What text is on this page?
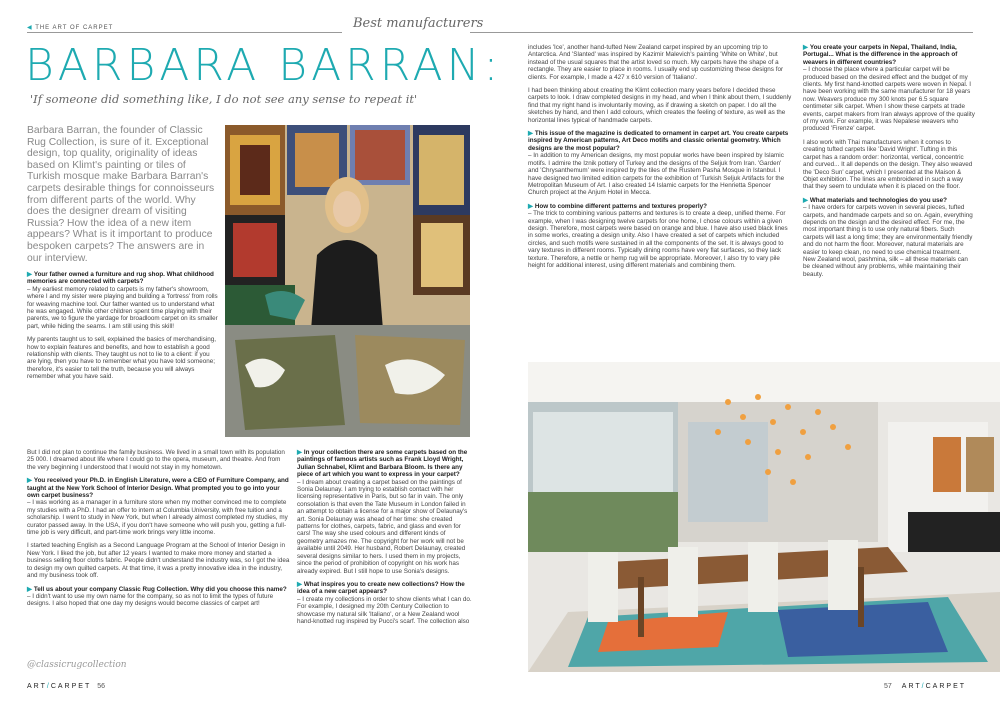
◀ THE ART OF CARPET	Best manufacturers
BARBARA BARRAN:
'If someone did something like, I do not see any sense to repeat it'

Barbara Barran, the founder of Classic Rug Collection, is sure of it. Exceptional design, top quality, originality of ideas based on Klimt's painting or tiles of Turkish mosque make Barbara Barran's carpets desirable things for connoisseurs from different parts of the world. Why does the designer dream of visiting Russia? How the idea of a new item appears? What is it important to produce bespoken carpets? The answers are in our interview.

▶ Your father owned a furniture and rug shop. What childhood memories are connected with carpets?

– My earliest memory related to carpets is my father's showroom, where I and my sister were playing and building a 'fortress' from rolls for weaving machine tool. Our father wanted us to understand what he was engaged. While other children spent time playing with their parents, we to figure the yardage for broadloom carpet on its smaller part, while hiding the seams. I am still using this skill!

My parents taught us to sell, explained the basics of merchandising, how to explain features and benefits, and how to establish a good relationship with clients. They taught us not to lie to a client: if you are lying, then you have to remember what you have told someone; therefore, it's easier to tell the truth, because you will always remember what you have said.

But I did not plan to continue the family business. We lived in a small town with its population 25 000. I dreamed about life where I could go to the opera, museum, and theatre. And from the very beginning I understood that I would not stay in my hometown.

▶ You received your Ph.D. in English Literature, were a CEO of Furniture Company, and taught at the New York School of Interior Design. What prompted you to go into your own carpet business?

– I was working as a manager in a furniture store when my mother convinced me to complete my studies with a PhD. I had an offer to intern at Columbia University, with free tuition and a scholarship. I went to study in New York, but when I already almost completed my studies, my curator passed away. In the USA, if you don't have someone who will push you, getting a full-time job is very difficult, and part-time work brings very little income.

I started teaching English as a Second Language Program at the School of Interior Design in New York. I liked the job, but after 12 years I wanted to make more money and started a business selling floor cloths fabric. People didn't understand the industry was, so I got the idea to design my own quilted carpets. At that time, it was a pretty innovative idea in the industry, and my business took off.

▶ Tell us about your company Classic Rug Collection. Why did you choose this name?

– I didn't want to use my own name for the company, so as not to limit the types of future designs. I also hoped that one day my designs would become classics of carpet art!

@classicrugcollection

▶ In your collection there are some carpets based on the paintings of famous artists such as Frank Lloyd Wright, Julian Schnabel, Klimt and Barbara Bloom. Is there any piece of art which you want to express in your carpet?

– I dream about creating a carpet based on the paintings of Sonia Delaunay. I am trying to establish contact with her licensing representative in Paris, but so far in vain. The only consolation is that even the Tate Museum in London failed in an attempt to obtain a license for a major show of Delaunay's art. Sonia Delaunay was ahead of her time: she created patterns for clothes, carpets, fabric, and glass and even for cars! The way she used colours and different kinds of geometry amazes me. The copyright for her work will not be available until 2049. Her husband, Robert Delaunay, created several designs similar to hers. I used them in my projects, since the period of prohibition of copyright on his work has already expired. But I still hope to use Sonia's designs.

▶ What inspires you to create new collections? How the idea of a new carpet appears?

– I create my collections in order to show clients what I can do. For example, I designed my 20th Century Collection to showcase my natural silk 'Italiano', or a New Zealand wool hand-knotted rug inspired by Pucci's scarf. The collection also

ART/CARPET 56

includes 'Ice', another hand-tufted New Zealand carpet inspired by an upcoming trip to Antarctica. And 'Slanted' was inspired by Kazimir Malevich's painting 'White on White', but instead of the usual squares that the artist loved so much. My carpets have the shape of a rectangle. They are easier to place in rooms. I usually end up customizing these designs for clients. For example, I made a 427 x 610 version of 'Italiano'.

I had been thinking about creating the Klimt collection many years before I decided these carpets to look. I draw completed designs in my head, and when I think about them, I suddenly find that my right hand is involuntarily moving, as if drawing a sketch on paper. I do all the sketches by hand, and then I add colours, which creates the feeling of texture, as well as the horizontal lines typical of handmade carpets.

▶ This issue of the magazine is dedicated to ornament in carpet art. You create carpets inspired by American patterns, Art Deco motifs and classic oriental geometry. Which designs are the most popular?

– In addition to my American designs, my most popular works have been inspired by Islamic motifs. I admire the Iznik pottery of Turkey and the designs of the Seljuk from Iran. 'Garden' and 'Chrysanthemum' were inspired by the tiles of the Rustem Pasha Mosque in Istanbul. I have designed two limited edition carpets for the exhibition of 'Turkish Seljuk Artifacts for the Metropolitan Museum of Art. I also created 14 Islamic carpets for the Henrietta Spencer Church project at the Anjum Hotel in Mecca.

▶ How to combine different patterns and textures properly?

– The trick to combining various patterns and textures is to create a deep, unified theme. For example, when I was designing twelve carpets for one home, I chose colours within a given design. Therefore, most carpets were based on orange and blue. I have also used black lines in some works, creating a design unity. Also I have created a set of carpets which included circles, and such motifs were sustained in all the components of the set. It is always good to vary textures in different rooms. Typically dining rooms have very flat surfaces, so they lack texture. Therefore, a nettle or hemp rug will be appropriate. Moreover, I also try to vary pile height for additional interest, using different materials and combining them.

▶ You create your carpets in Nepal, Thailand, India, Portugal... What is the difference in the approach of weavers in different countries?

– I choose the place where a particular carpet will be produced based on the desired effect and the budget of my clients. My first hand-knotted carpets were woven in Nepal. I have been working with the same manufacturer for 18 years now. Weavers produce my 300 knots per 6.5 square centimeter silk carpet. When I show these carpets at trade events, carpet makers from Iran always approve of the quality of my work. For example, it was Nepalese weavers who produced 'Firenze' carpet.

I also work with Thai manufacturers when it comes to creating tufted carpets like 'David Wright'. Tufting in this carpet has a random order: horizontal, vertical, concentric and curved... It all depends on the design. They also weaved the 'Deco Sun' carpet, which I presented at the Maison & Objet exhibition. The lines are embroidered in such a way that they seem to undulate when it is placed on the floor.

▶ What materials and technologies do you use?

– I have orders for carpets woven in several pieces, tufted carpets, and handmade carpets and so on. Again, everything depends on the design and the desired effect. For me, the most important thing is to use only natural fibers. Such carpets will last a long time; they are environmentally friendly and do not harm the floor. Moreover, natural materials are easier to keep clean, no need to use chemical treatment. New Zealand wool, pashmina, silk – all these materials can be cleaned without any problems, while maintaining their beauty.

57 ART/CARPET
